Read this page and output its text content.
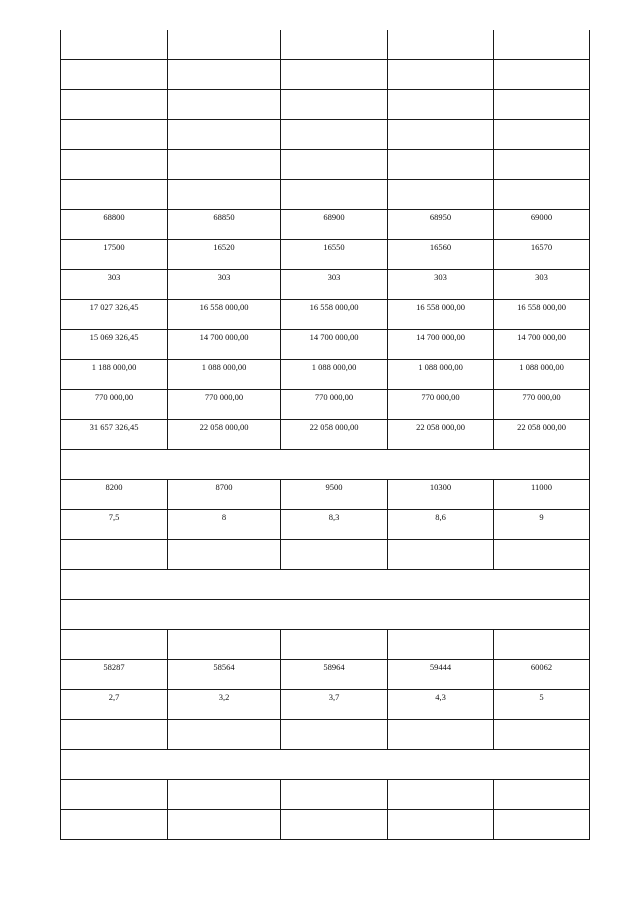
68800	68850	68900	68950	69000

17500	16520	16550	16560	16570

303	303	303	303	303

17 027 326,45	16 558 000,00	16 558 000,00	16 558 000,00	16 558 000,00

15 069 326,45	14 700 000,00	14 700 000,00	14 700 000,00	14 700 000,00

1 188 000,00	1 088 000,00	1 088 000,00	1 088 000,00	1 088 000,00

770 000,00	770 000,00	770 000,00	770 000,00	770 000,00

31 657 326,45	22 058 000,00	22 058 000,00	22 058 000,00	22 058 000,00

8200	8700	9500	10300	11000

7,5	8	8,3	8,6	9

58287	58564	58964	59444	60062

2,7	3,2	3,7	4,3	5
